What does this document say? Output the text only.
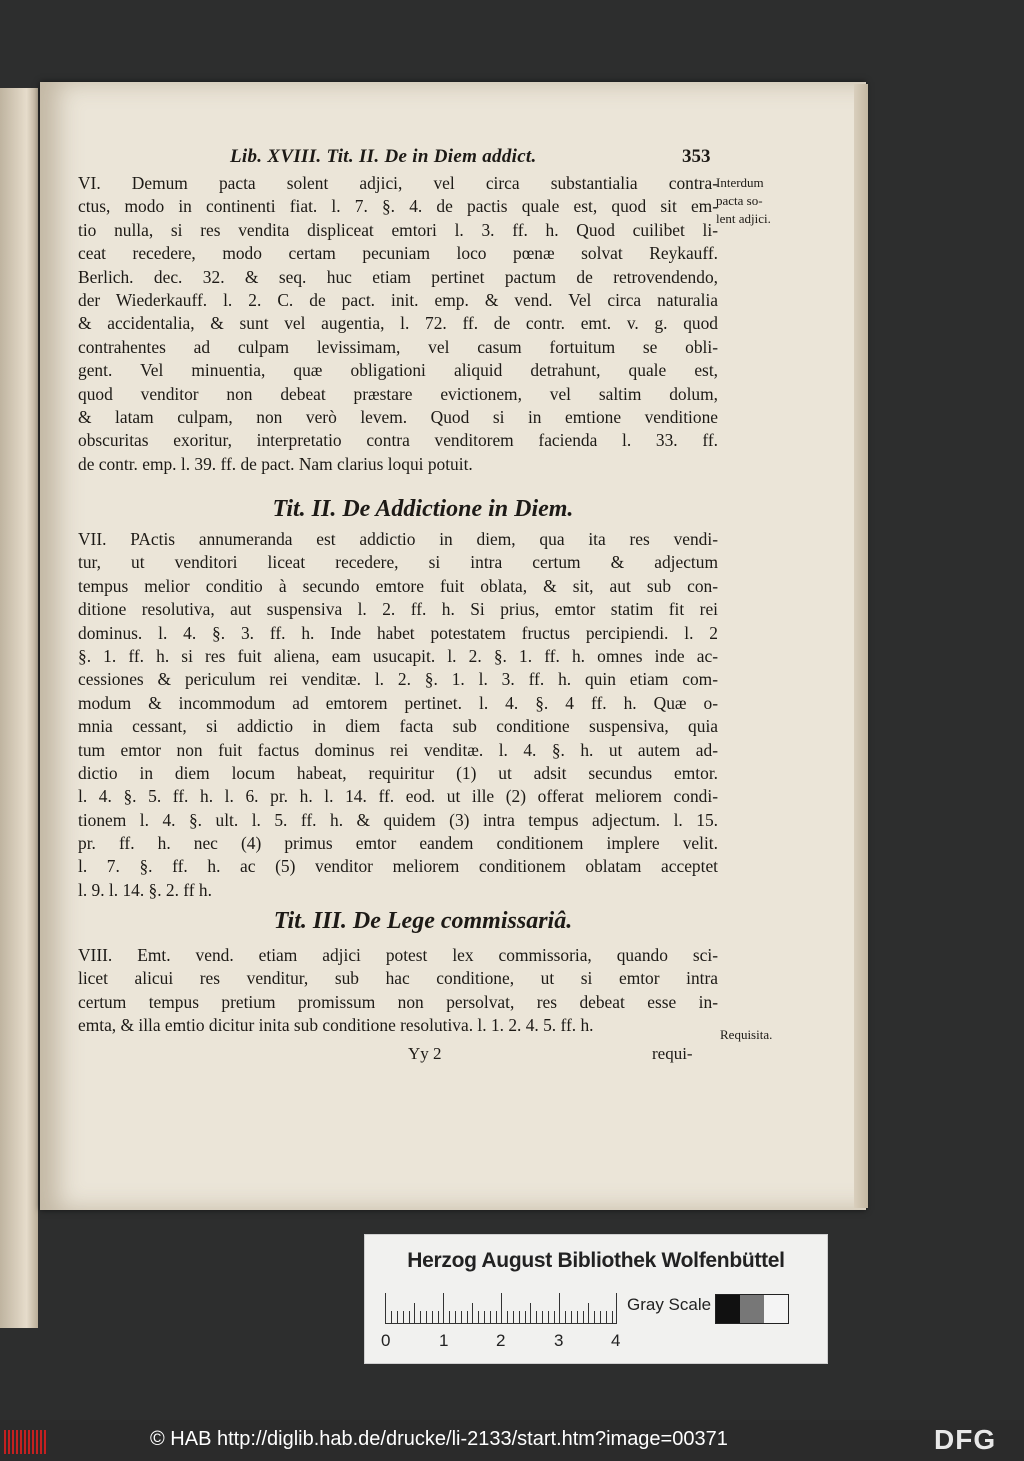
Lib. XVIII. Tit. II. De in Diem addict.	353
VI. Demum pacta solent adjici, vel circa substantialia contra-
ctus, modo in continenti fiat. l. 7. §. 4. de pactis quale est, quod sit em-
tio nulla, si res vendita displiceat emtori l. 3. ff. h. Quod cuilibet li-
ceat recedere, modo certam pecuniam loco pœnæ solvat Reykauff.
Berlich. dec. 32. & seq. huc etiam pertinet pactum de retrovendendo,
der Wiederkauff. l. 2. C. de pact. init. emp. & vend. Vel circa naturalia
& accidentalia, & sunt vel augentia, l. 72. ff. de contr. emt. v. g. quod
contrahentes ad culpam levissimam, vel casum fortuitum se obli-
gent. Vel minuentia, quæ obligationi aliquid detrahunt, quale est,
quod venditor non debeat præstare evictionem, vel saltim dolum,
& latam culpam, non verò levem. Quod si in emtione venditione
obscuritas exoritur, interpretatio contra venditorem facienda l. 33. ff.
de contr. emp. l. 39. ff. de pact. Nam clarius loqui potuit.
Interdum
pacta so-
lent adjici.
Tit. II. De Addictione in Diem.
VII. PActis annumeranda est addictio in diem, qua ita res vendi-
tur, ut venditori liceat recedere, si intra certum & adjectum
tempus melior conditio à secundo emtore fuit oblata, & sit, aut sub con-
ditione resolutiva, aut suspensiva l. 2. ff. h. Si prius, emtor statim fit rei
dominus. l. 4. §. 3. ff. h. Inde habet potestatem fructus percipiendi. l. 2
§. 1. ff. h. si res fuit aliena, eam usucapit. l. 2. §. 1. ff. h. omnes inde ac-
cessiones & periculum rei venditæ. l. 2. §. 1. l. 3. ff. h. quin etiam com-
modum & incommodum ad emtorem pertinet. l. 4. §. 4 ff. h. Quæ o-
mnia cessant, si addictio in diem facta sub conditione suspensiva, quia
tum emtor non fuit factus dominus rei venditæ. l. 4. §. h. ut autem ad-
dictio in diem locum habeat, requiritur (1) ut adsit secundus emtor.
l. 4. §. 5. ff. h. l. 6. pr. h. l. 14. ff. eod. ut ille (2) offerat meliorem condi-
tionem l. 4. §. ult. l. 5. ff. h. & quidem (3) intra tempus adjectum. l. 15.
pr. ff. h. nec (4) primus emtor eandem conditionem implere velit.
l. 7. §. ff. h. ac (5) venditor meliorem conditionem oblatam acceptet
l. 9. l. 14. §. 2. ff h.
Tit. III. De Lege commissariâ.
VIII. Emt. vend. etiam adjici potest lex commissoria, quando sci-
licet alicui res venditur, sub hac conditione, ut si emtor intra
certum tempus pretium promissum non persolvat, res debeat esse in-
emta, & illa emtio dicitur inita sub conditione resolutiva. l. 1. 2. 4. 5. ff. h.	Requisita.
Yy 2	requi-
Herzog August Bibliothek Wolfenbüttel
0	1	2	3	4
Gray Scale
© HAB http://diglib.hab.de/drucke/li-2133/start.htm?image=00371	DFG
